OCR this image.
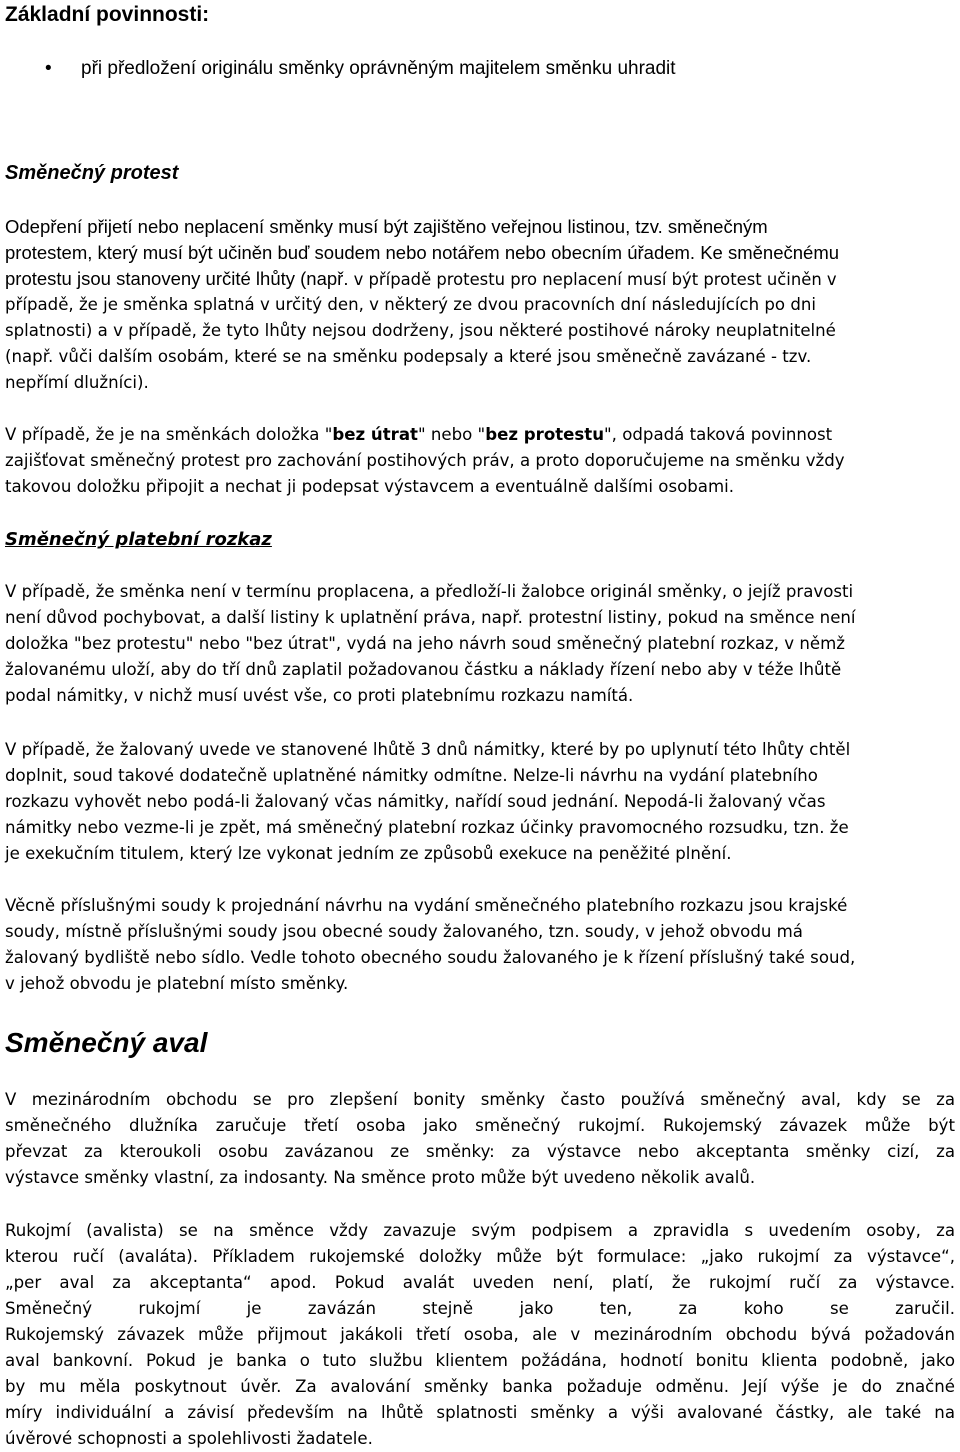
Základní povinnosti:
• při předložení originálu směnky oprávněným majitelem směnku uhradit
Směnečný protest
Odepření přijetí nebo neplacení směnky musí být zajištěno veřejnou listinou, tzv. směnečným
protestem, který musí být učiněn buď soudem nebo notářem nebo obecním úřadem. Ke směnečnému
protestu jsou stanoveny určité lhůty (např. v případě protestu pro neplacení musí být protest učiněn v
případě, že je směnka splatná v určitý den, v některý ze dvou pracovních dní následujících po dni
splatnosti) a v případě, že tyto lhůty nejsou dodrženy, jsou některé postihové nároky neuplatnitelné
(např. vůči dalším osobám, které se na směnku podepsaly a které jsou směnečně zavázané - tzv.
nepřímí dlužníci).
V případě, že je na směnkách doložka "bez útrat" nebo "bez protestu", odpadá taková povinnost
zajišťovat směnečný protest pro zachování postihových práv, a proto doporučujeme na směnku vždy
takovou doložku připojit a nechat ji podepsat výstavcem a eventuálně dalšími osobami.
Směnečný platební rozkaz
V případě, že směnka není v termínu proplacena, a předloží-li žalobce originál směnky, o jejíž pravosti
není důvod pochybovat, a další listiny k uplatnění práva, např. protestní listiny, pokud na směnce není
doložka "bez protestu" nebo "bez útrat", vydá na jeho návrh soud směnečný platební rozkaz, v němž
žalovanému uloží, aby do tří dnů zaplatil požadovanou částku a náklady řízení nebo aby v téže lhůtě
podal námitky, v nichž musí uvést vše, co proti platebnímu rozkazu namítá.
V případě, že žalovaný uvede ve stanovené lhůtě 3 dnů námitky, které by po uplynutí této lhůty chtěl
doplnit, soud takové dodatečně uplatněné námitky odmítne. Nelze-li návrhu na vydání platebního
rozkazu vyhovět nebo podá-li žalovaný včas námitky, nařídí soud jednání. Nepodá-li žalovaný včas
námitky nebo vezme-li je zpět, má směnečný platební rozkaz účinky pravomocného rozsudku, tzn. že
je exekučním titulem, který lze vykonat jedním ze způsobů exekuce na peněžité plnění.
Věcně příslušnými soudy k projednání návrhu na vydání směnečného platebního rozkazu jsou krajské
soudy, místně příslušnými soudy jsou obecné soudy žalovaného, tzn. soudy, v jehož obvodu má
žalovaný bydliště nebo sídlo. Vedle tohoto obecného soudu žalovaného je k řízení příslušný také soud,
v jehož obvodu je platební místo směnky.
Směnečný aval
V mezinárodním obchodu se pro zlepšení bonity směnky často používá směnečný aval, kdy se za
směnečného dlužníka zaručuje třetí osoba jako směnečný rukojmí. Rukojemský závazek může být
převzat za kteroukoli osobu zavázanou ze směnky: za výstavce nebo akceptanta směnky cizí, za
výstavce směnky vlastní, za indosanty. Na směnce proto může být uvedeno několik avalů.
Rukojmí (avalista) se na směnce vždy zavazuje svým podpisem a zpravidla s uvedením osoby, za
kterou ručí (avaláta). Příkladem rukojemské doložky může být formulace: „jako rukojmí za výstavce“,
„per aval za akceptanta“ apod. Pokud avalát uveden není, platí, že rukojmí ručí za výstavce.
Směnečný rukojmí je zavázán stejně jako ten, za koho se zaručil.
Rukojemský závazek může přijmout jakákoli třetí osoba, ale v mezinárodním obchodu bývá požadován
aval bankovní. Pokud je banka o tuto službu klientem požádána, hodnotí bonitu klienta podobně, jako
by mu měla poskytnout úvěr. Za avalování směnky banka požaduje odměnu. Její výše je do značné
míry individuální a závisí především na lhůtě splatnosti směnky a výši avalované částky, ale také na
úvěrové schopnosti a spolehlivosti žadatele.
